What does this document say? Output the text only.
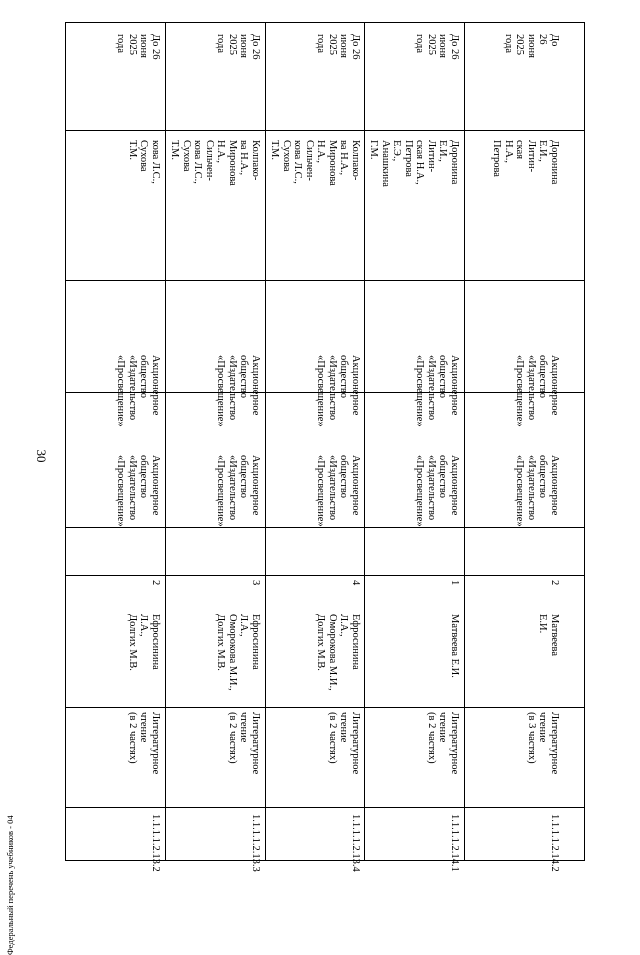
30
Федеральный перечень учебников - 04
До 26
июня
2025
года
кова Л.С.,
Сухова
Т.М.
Акционерное
общество
«Издательство
«Просвещение»
Акционерное
общество
«Издательство
«Просвещение»
2
Ефросинина
Л.А.,
Долгих М.В.
Литературное
чтение
(в 2 частях)
1.1.1.1.2.13.2
До 26
июня
2025
года
Колпако-
ва Н.А.,
Миронова
Н.А.,
Сильчен-
кова Л.С.,
Сухова
Т.М.
Акционерное
общество
«Издательство
«Просвещение»
Акционерное
общество
«Издательство
«Просвещение»
3
Ефросинина
Л.А.,
Оморокова М.И.,
Долгих М.В.
Литературное
чтение
(в 2 частях)
1.1.1.1.2.13.3
До 26
июня
2025
года
Колпако-
ва Н.А.,
Миронова
Н.А.,
Сильчен-
кова Л.С.,
Сухова
Т.М.
Акционерное
общество
«Издательство
«Просвещение»
Акционерное
общество
«Издательство
«Просвещение»
4
Ефросинина
Л.А.,
Оморокова М.И.,
Долгих М.В.
Литературное
чтение
(в 2 частях)
1.1.1.1.2.13.4
До 26
июня
2025
года
Доронина
Е.И.,
Литин-
ская Н.А.,
Петрова
Е.Э.,
Анашкина
Г.М.
Акционерное
общество
«Издательство
«Просвещение»
Акционерное
общество
«Издательство
«Просвещение»
1
Матвеева Е.И.
Литературное
чтение
(в 2 частях)
1.1.1.1.2.14.1
До 26
июня
2025
года
Доронина
Е.И.,
Литин-
ская Н.А.,
Петрова
Акционерное
общество
«Издательство
«Просвещение»
Акционерное
общество
«Издательство
«Просвещение»
2
Матвеева Е.И.
Литературное
чтение
(в 3 частях)
1.1.1.1.2.14.2
